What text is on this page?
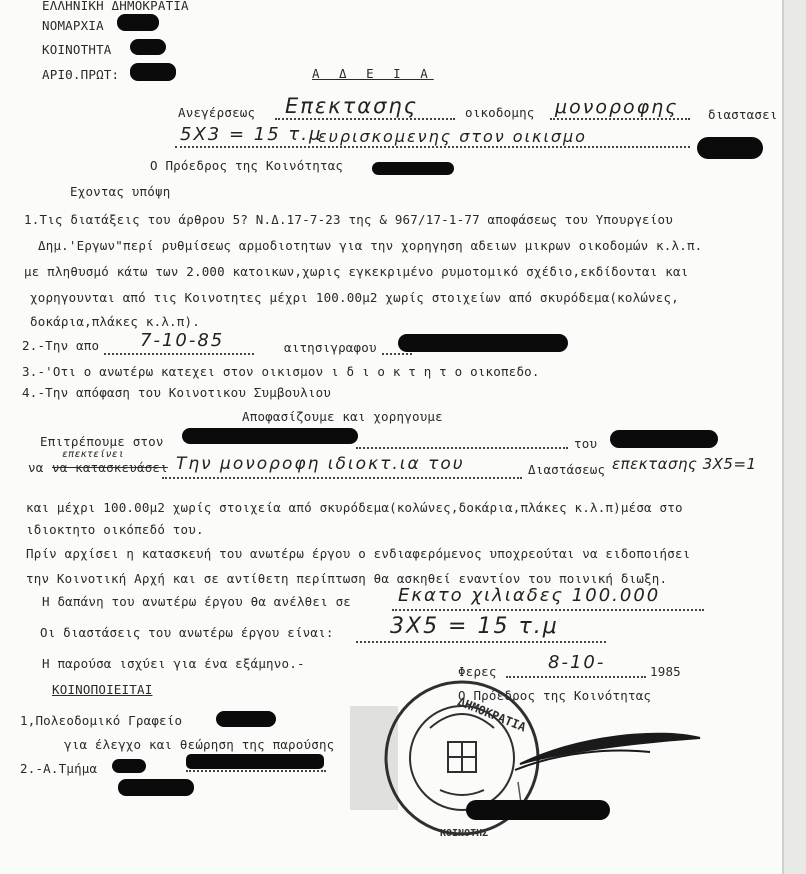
ΕΛΛΗΝΙΚΗ ΔΗΜΟΚΡΑΤΙΑ
ΝΟΜΑΡΧΙΑ
ΚΟΙΝΟΤΗΤΑ
ΑΡΙΘ.ΠΡΩΤ:	Α Δ Ε Ι Α
Ανεγέρσεως Επεκτασης	οικοδομης μονοροφης διαστασει
5Χ3 = 15 τ.μ
ευρισκομενης στον οικισμο
Ο Πρόεδρος της Κοινότητας
Εχοντας υπόψη
1.Τις διατάξεις του άρθρου 5? Ν.Δ.17-7-23 της & 967/17-1-77 αποφάσεως του Υπουργείου
Δημ.'Εργων"περί ρυθμίσεως αρμοδιοτητων για την χορηγηση αδειων μικρων οικοδομών κ.λ.π.
με πληθυσμό κάτω των 2.000 κατοικων,χωρις εγκεκριμένο ρυμοτομικό σχέδιο,εκδίδονται και
χορηγουνται από τις Κοινοτητες μέχρι 100.00μ2 χωρίς στοιχείων από σκυρόδεμα(κολώνες,
δοκάρια,πλάκες κ.λ.π).
2.-Την απο 7-10-85	αιτησιγραφου
3.-'Οτι ο ανωτέρω κατεχει στον οικισμον ι δ ι ο κ τ η τ ο οικοπεδο.
4.-Την απόφαση του Κοινοτικου Συμβουλιου
Αποφασίζουμε και χορηγουμε
Επιτρέπουμε στον	του
επεκτείνει
να να κατασκευάσει Την μονοροφη ιδιοκτ.ια του	Διαστάσεως επεκτασης 3Χ5=1
και μέχρι 100.00μ2 χωρίς στοιχεία από σκυρόδεμα(κολώνες,δοκάρια,πλάκες κ.λ.π)μέσα στο
ιδιοκτητο οικόπεδό του.
Πρίν αρχίσει η κατασκευή του ανωτέρω έργου ο ενδιαφερόμενος υποχρεούται να ειδοποιήσει
την Κοινοτική Αρχή και σε αντίθετη περίπτωση θα ασκηθεί εναντίον του ποινική διωξη.
Η δαπάνη του ανωτέρω έργου θα ανέλθει σε	Εκατο χιλιαδες 100.000
Οι διαστάσεις του ανωτέρω έργου είναι:	3Χ5 = 15 τ.μ
Η παρούσα ισχύει για ένα εξάμηνο.-
Φερες	8-10-	1985
Ο Πρόεδρος της Κοινότητας
ΚΟΙΝΟΠΟΙΕΙΤΑΙ
1,Πολεοδομικό Γραφείο
για έλεγχο και θεώρηση της παρούσης
2.-Α.Τμήμα
ΔΗΜΟΚΡΑΤΙΑ
ΚΟΙΝΟΤΗΣ
